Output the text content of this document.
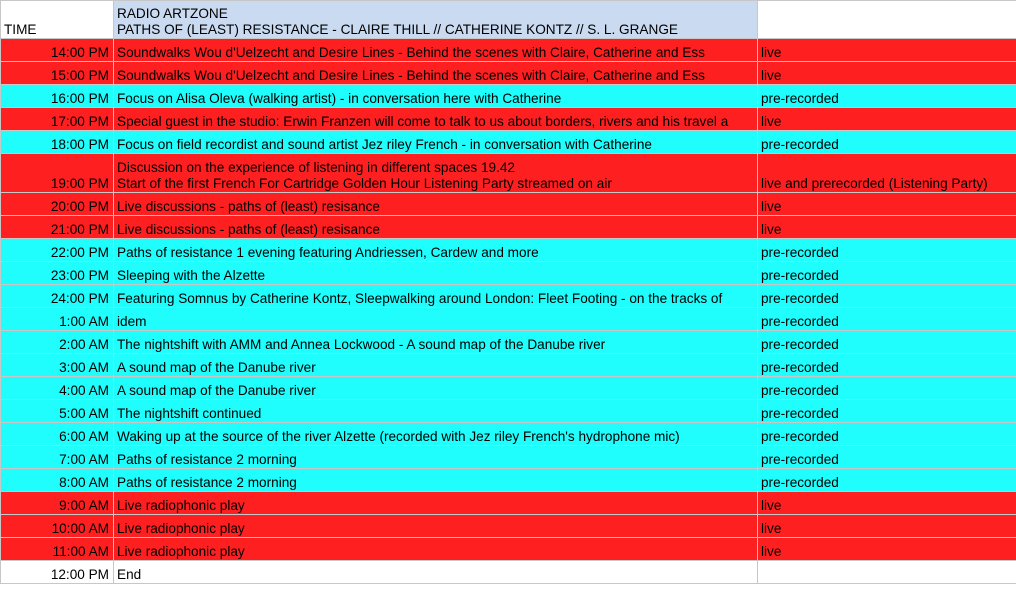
TIME	RADIO ARTZONE
PATHS OF (LEAST) RESISTANCE - CLAIRE THILL // CATHERINE KONTZ // S. L. GRANGE	

14:00 PM	Soundwalks Wou d'Uelzecht and Desire Lines - Behind the scenes with Claire, Catherine and Ess	live
15:00 PM	Soundwalks Wou d'Uelzecht and Desire Lines - Behind the scenes with Claire, Catherine and Ess	live
16:00 PM	Focus on Alisa Oleva (walking artist) - in conversation here with Catherine	pre-recorded
17:00 PM	Special guest in the studio: Erwin Franzen will come to talk to us about borders, rivers and his travel a	live
18:00 PM	Focus on field recordist and sound artist Jez riley French - in conversation with Catherine	pre-recorded
19:00 PM	Discussion on the experience of listening in different spaces 19.42
Start of the first French For Cartridge Golden Hour Listening Party streamed on air	live and prerecorded (Listening Party)
20:00 PM	Live discussions - paths of (least) resisance	live
21:00 PM	Live discussions - paths of (least) resisance	live
22:00 PM	Paths of resistance 1 evening featuring Andriessen, Cardew and more	pre-recorded
23:00 PM	Sleeping with the Alzette	pre-recorded
24:00 PM	Featuring Somnus by Catherine Kontz, Sleepwalking around London: Fleet Footing - on the tracks of	pre-recorded
1:00 AM	idem	pre-recorded
2:00 AM	The nightshift with AMM and Annea Lockwood - A sound map of the Danube river	pre-recorded
3:00 AM	A sound map of the Danube river	pre-recorded
4:00 AM	A sound map of the Danube river	pre-recorded
5:00 AM	The nightshift continued	pre-recorded
6:00 AM	Waking up at the source of the river Alzette (recorded with Jez riley French's hydrophone mic)	pre-recorded
7:00 AM	Paths of resistance 2 morning	pre-recorded
8:00 AM	Paths of resistance 2 morning	pre-recorded
9:00 AM	Live radiophonic play	live
10:00 AM	Live radiophonic play	live
11:00 AM	Live radiophonic play	live
12:00 PM	End	
